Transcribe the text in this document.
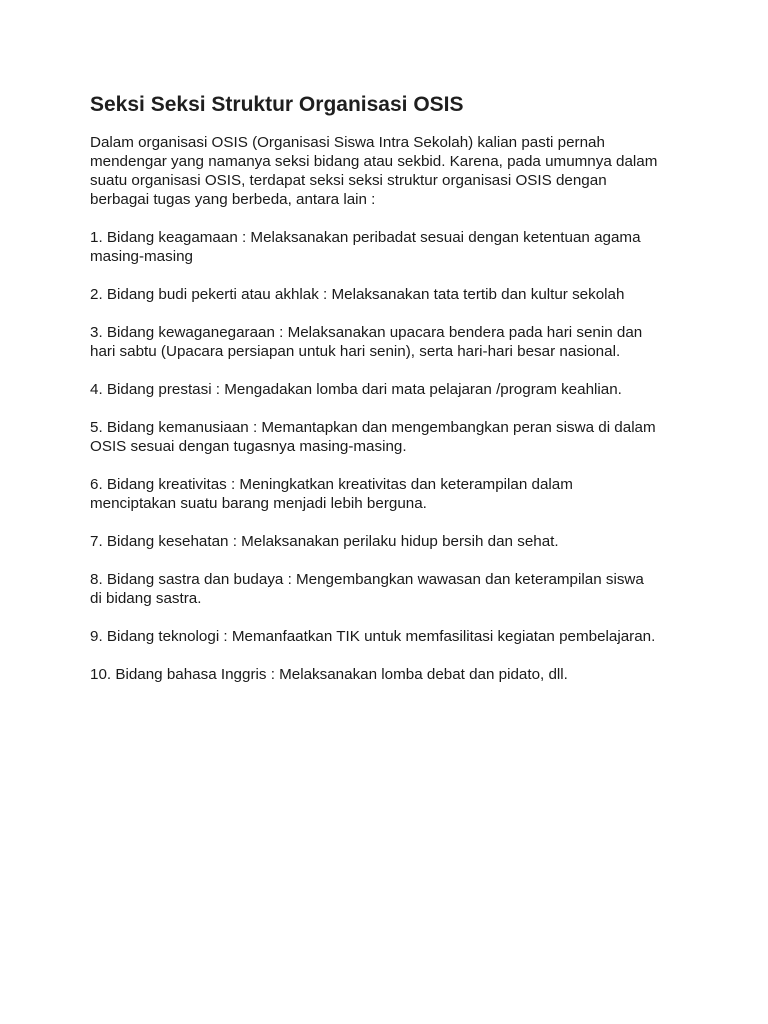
Seksi Seksi Struktur Organisasi OSIS

Dalam organisasi OSIS (Organisasi Siswa Intra Sekolah) kalian pasti pernah
mendengar yang namanya seksi bidang atau sekbid. Karena, pada umumnya dalam
suatu organisasi OSIS, terdapat seksi seksi struktur organisasi OSIS dengan
berbagai tugas yang berbeda, antara lain :

1. Bidang keagamaan : Melaksanakan peribadat sesuai dengan ketentuan agama
masing-masing

2. Bidang budi pekerti atau akhlak : Melaksanakan tata tertib dan kultur sekolah

3. Bidang kewaganegaraan : Melaksanakan upacara bendera pada hari senin dan
hari sabtu (Upacara persiapan untuk hari senin), serta hari-hari besar nasional.

4. Bidang prestasi : Mengadakan lomba dari mata pelajaran /program keahlian.

5. Bidang kemanusiaan : Memantapkan dan mengembangkan peran siswa di dalam
OSIS sesuai dengan tugasnya masing-masing.

6. Bidang kreativitas : Meningkatkan kreativitas dan keterampilan dalam
menciptakan suatu barang menjadi lebih berguna.

7. Bidang kesehatan : Melaksanakan perilaku hidup bersih dan sehat.

8. Bidang sastra dan budaya : Mengembangkan wawasan dan keterampilan siswa
di bidang sastra.

9. Bidang teknologi : Memanfaatkan TIK untuk memfasilitasi kegiatan pembelajaran.

10. Bidang bahasa Inggris : Melaksanakan lomba debat dan pidato, dll.
